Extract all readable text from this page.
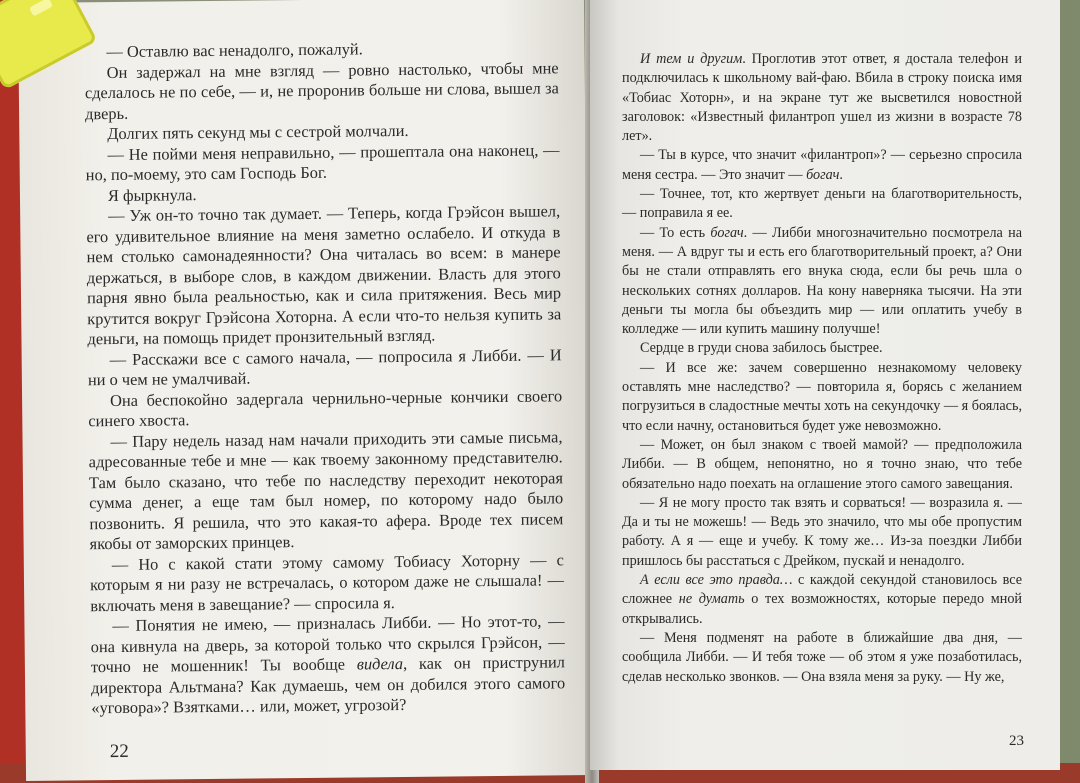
— Оставлю вас ненадолго, пожалуй.

Он задержал на мне взгляд — ровно настолько, чтобы мне сделалось не по себе, — и, не проронив больше ни слова, вышел за дверь.

Долгих пять секунд мы с сестрой молчали.

— Не пойми меня неправильно, — прошептала она наконец, — но, по-моему, это сам Господь Бог.

Я фыркнула.

— Уж он-то точно так думает. — Теперь, когда Грэйсон вышел, его удивительное влияние на меня заметно ослабело. И откуда в нем столько самонадеянности? Она читалась во всем: в манере держаться, в выборе слов, в каждом движении. Власть для этого парня явно была реальностью, как и сила притяжения. Весь мир крутится вокруг Грэйсона Хоторна. А если что-то нельзя купить за деньги, на помощь придет пронзительный взгляд.

— Расскажи все с самого начала, — попросила я Либби. — И ни о чем не умалчивай.

Она беспокойно задергала чернильно-черные кончики своего синего хвоста.

— Пару недель назад нам начали приходить эти самые письма, адресованные тебе и мне — как твоему законному представителю. Там было сказано, что тебе по наследству переходит некоторая сумма денег, а еще там был номер, по которому надо было позвонить. Я решила, что это какая-то афера. Вроде тех писем якобы от заморских принцев.

— Но с какой стати этому самому Тобиасу Хоторну — с которым я ни разу не встречалась, о котором даже не слышала! — включать меня в завещание? — спросила я.

— Понятия не имею, — призналась Либби. — Но этот-то, — она кивнула на дверь, за которой только что скрылся Грэйсон, — точно не мошенник! Ты вообще видела, как он приструнил директора Альтмана? Как думаешь, чем он добился этого самого «уговора»? Взятками… или, может, угрозой?

22

И тем и другим. Проглотив этот ответ, я достала телефон и подключилась к школьному вай-фаю. Вбила в строку поиска имя «Тобиас Хоторн», и на экране тут же высветился новостной заголовок: «Известный филантроп ушел из жизни в возрасте 78 лет».

— Ты в курсе, что значит «филантроп»? — серьезно спросила меня сестра. — Это значит — богач.

— Точнее, тот, кто жертвует деньги на благотворительность, — поправила я ее.

— То есть богач. — Либби многозначительно посмотрела на меня. — А вдруг ты и есть его благотворительный проект, а? Они бы не стали отправлять его внука сюда, если бы речь шла о нескольких сотнях долларов. На кону наверняка тысячи. На эти деньги ты могла бы объездить мир — или оплатить учебу в колледже — или купить машину получше!

Сердце в груди снова забилось быстрее.

— И все же: зачем совершенно незнакомому человеку оставлять мне наследство? — повторила я, борясь с желанием погрузиться в сладостные мечты хоть на секундочку — я боялась, что если начну, остановиться будет уже невозможно.

— Может, он был знаком с твоей мамой? — предположила Либби. — В общем, непонятно, но я точно знаю, что тебе обязательно надо поехать на оглашение этого самого завещания.

— Я не могу просто так взять и сорваться! — возразила я. — Да и ты не можешь! — Ведь это значило, что мы обе пропустим работу. А я — еще и учебу. К тому же… Из-за поездки Либби пришлось бы расстаться с Дрейком, пускай и ненадолго.

А если все это правда… с каждой секундой становилось все сложнее не думать о тех возможностях, которые передо мной открывались.

— Меня подменят на работе в ближайшие два дня, — сообщила Либби. — И тебя тоже — об этом я уже позаботилась, сделав несколько звонков. — Она взяла меня за руку. — Ну же,

23
